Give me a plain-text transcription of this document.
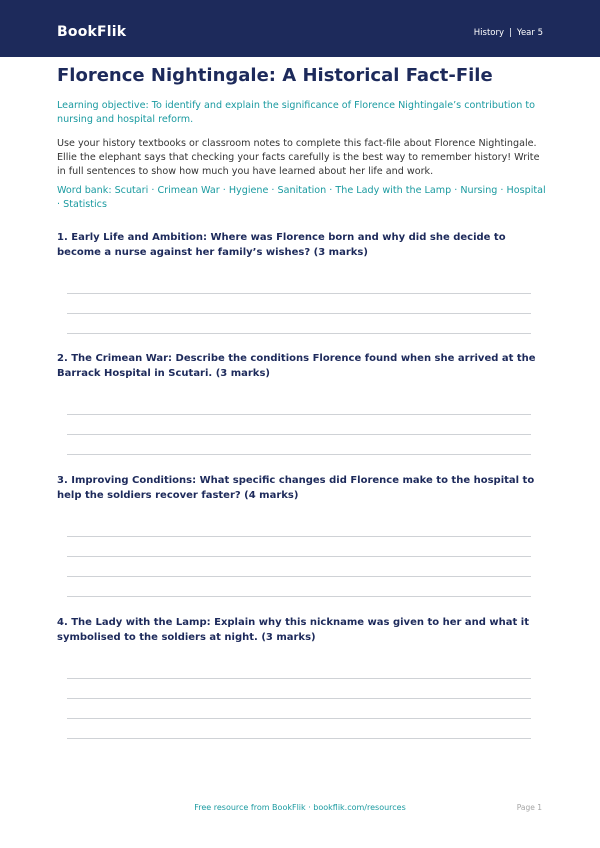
BookFlik	History | Year 5
Florence Nightingale: A Historical Fact-File

Learning objective: To identify and explain the significance of Florence Nightingale’s contribution to nursing and hospital reform.

Use your history textbooks or classroom notes to complete this fact-file about Florence Nightingale. Ellie the elephant says that checking your facts carefully is the best way to remember history! Write in full sentences to show how much you have learned about her life and work.

Word bank: Scutari · Crimean War · Hygiene · Sanitation · The Lady with the Lamp · Nursing · Hospital · Statistics

1. Early Life and Ambition: Where was Florence born and why did she decide to become a nurse against her family’s wishes? (3 marks)

2. The Crimean War: Describe the conditions Florence found when she arrived at the Barrack Hospital in Scutari. (3 marks)

3. Improving Conditions: What specific changes did Florence make to the hospital to help the soldiers recover faster? (4 marks)

4. The Lady with the Lamp: Explain why this nickname was given to her and what it symbolised to the soldiers at night. (3 marks)

Free resource from BookFlik · bookflik.com/resources	Page 1
